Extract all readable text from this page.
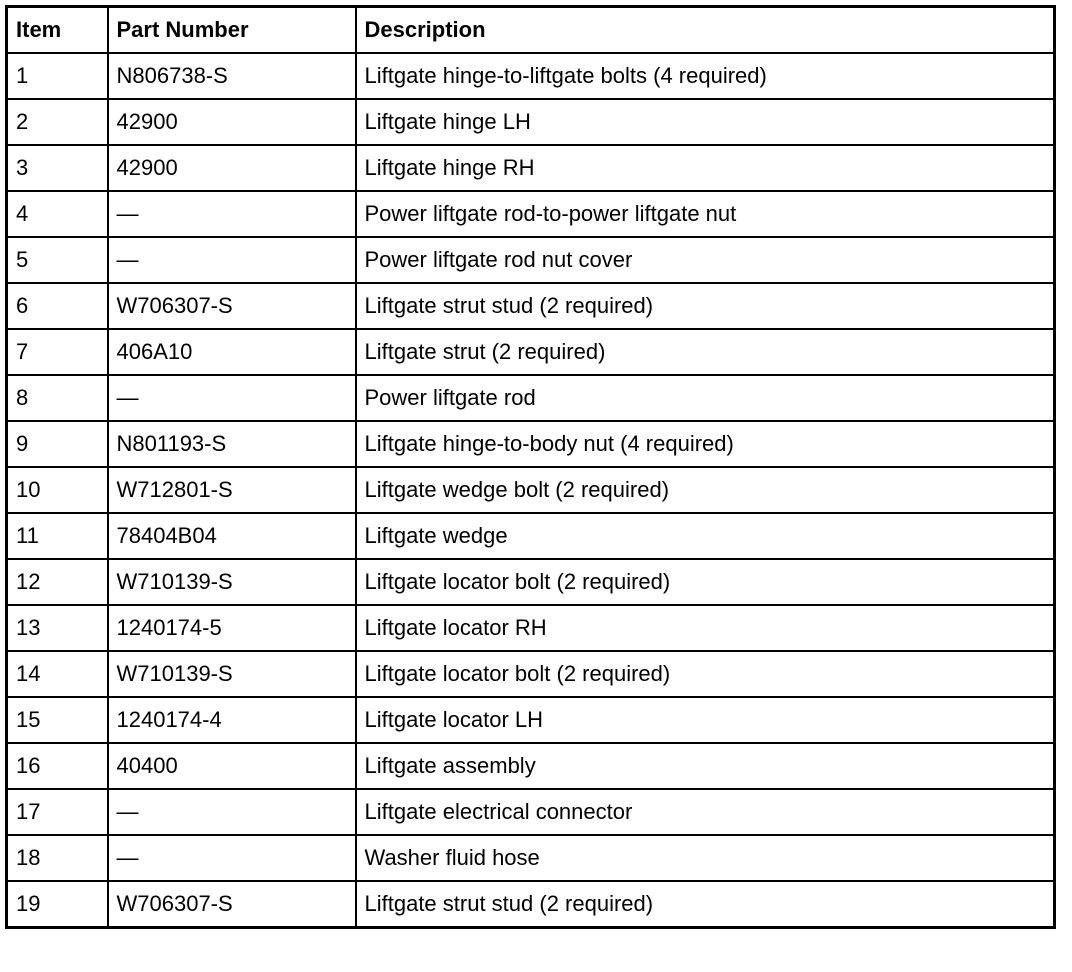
Item	Part Number	Description
1	N806738-S	Liftgate hinge-to-liftgate bolts (4 required)
2	42900	Liftgate hinge LH
3	42900	Liftgate hinge RH
4	—	Power liftgate rod-to-power liftgate nut
5	—	Power liftgate rod nut cover
6	W706307-S	Liftgate strut stud (2 required)
7	406A10	Liftgate strut (2 required)
8	—	Power liftgate rod
9	N801193-S	Liftgate hinge-to-body nut (4 required)
10	W712801-S	Liftgate wedge bolt (2 required)
11	78404B04	Liftgate wedge
12	W710139-S	Liftgate locator bolt (2 required)
13	1240174-5	Liftgate locator RH
14	W710139-S	Liftgate locator bolt (2 required)
15	1240174-4	Liftgate locator LH
16	40400	Liftgate assembly
17	—	Liftgate electrical connector
18	—	Washer fluid hose
19	W706307-S	Liftgate strut stud (2 required)
